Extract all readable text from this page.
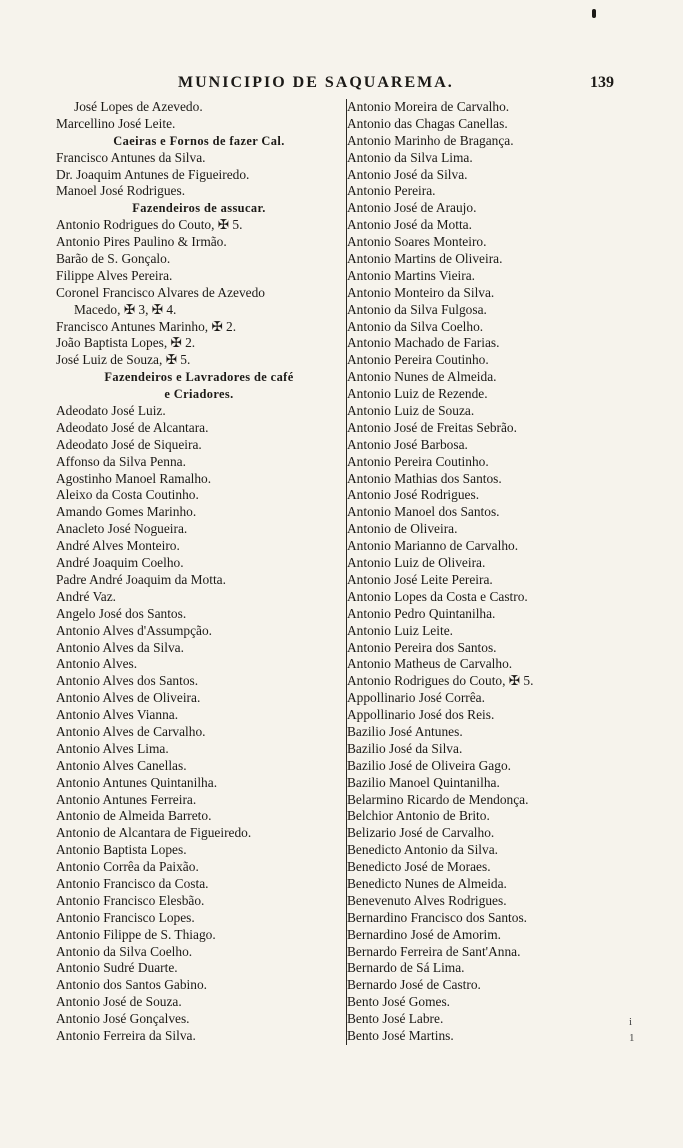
MUNICIPIO DE SAQUAREMA.	139
José Lopes de Azevedo.
Marcellino José Leite.
Caeiras e Fornos de fazer Cal.
Francisco Antunes da Silva.
Dr. Joaquim Antunes de Figueiredo.
Manoel José Rodrigues.
Fazendeiros de assucar.
Antonio Rodrigues do Couto, ✠ 5.
Antonio Pires Paulino & Irmão.
Barão de S. Gonçalo.
Filippe Alves Pereira.
Coronel Francisco Alvares de Azevedo
Macedo, ✠ 3, ✠ 4.
Francisco Antunes Marinho, ✠ 2.
João Baptista Lopes, ✠ 2.
José Luiz de Souza, ✠ 5.
Fazendeiros e Lavradores de café
e Criadores.
Adeodato José Luiz.
Adeodato José de Alcantara.
Adeodato José de Siqueira.
Affonso da Silva Penna.
Agostinho Manoel Ramalho.
Aleixo da Costa Coutinho.
Amando Gomes Marinho.
Anacleto José Nogueira.
André Alves Monteiro.
André Joaquim Coelho.
Padre André Joaquim da Motta.
André Vaz.
Angelo José dos Santos.
Antonio Alves d'Assumpção.
Antonio Alves da Silva.
Antonio Alves.
Antonio Alves dos Santos.
Antonio Alves de Oliveira.
Antonio Alves Vianna.
Antonio Alves de Carvalho.
Antonio Alves Lima.
Antonio Alves Canellas.
Antonio Antunes Quintanilha.
Antonio Antunes Ferreira.
Antonio de Almeida Barreto.
Antonio de Alcantara de Figueiredo.
Antonio Baptista Lopes.
Antonio Corrêa da Paixão.
Antonio Francisco da Costa.
Antonio Francisco Elesbão.
Antonio Francisco Lopes.
Antonio Filippe de S. Thiago.
Antonio da Silva Coelho.
Antonio Sudré Duarte.
Antonio dos Santos Gabino.
Antonio José de Souza.
Antonio José Gonçalves.
Antonio Ferreira da Silva.
Antonio Moreira de Carvalho.
Antonio das Chagas Canellas.
Antonio Marinho de Bragança.
Antonio da Silva Lima.
Antonio José da Silva.
Antonio Pereira.
Antonio José de Araujo.
Antonio José da Motta.
Antonio Soares Monteiro.
Antonio Martins de Oliveira.
Antonio Martins Vieira.
Antonio Monteiro da Silva.
Antonio da Silva Fulgosa.
Antonio da Silva Coelho.
Antonio Machado de Farias.
Antonio Pereira Coutinho.
Antonio Nunes de Almeida.
Antonio Luiz de Rezende.
Antonio Luiz de Souza.
Antonio José de Freitas Sebrão.
Antonio José Barbosa.
Antonio Pereira Coutinho.
Antonio Mathias dos Santos.
Antonio José Rodrigues.
Antonio Manoel dos Santos.
Antonio de Oliveira.
Antonio Marianno de Carvalho.
Antonio Luiz de Oliveira.
Antonio José Leite Pereira.
Antonio Lopes da Costa e Castro.
Antonio Pedro Quintanilha.
Antonio Luiz Leite.
Antonio Pereira dos Santos.
Antonio Matheus de Carvalho.
Antonio Rodrigues do Couto, ✠ 5.
Appollinario José Corrêa.
Appollinario José dos Reis.
Bazilio José Antunes.
Bazilio José da Silva.
Bazilio José de Oliveira Gago.
Bazilio Manoel Quintanilha.
Belarmino Ricardo de Mendonça.
Belchior Antonio de Brito.
Belizario José de Carvalho.
Benedicto Antonio da Silva.
Benedicto José de Moraes.
Benedicto Nunes de Almeida.
Benevenuto Alves Rodrigues.
Bernardino Francisco dos Santos.
Bernardino José de Amorim.
Bernardo Ferreira de Sant'Anna.
Bernardo de Sá Lima.
Bernardo José de Castro.
Bento José Gomes.
Bento José Labre.
Bento José Martins.
i
1
